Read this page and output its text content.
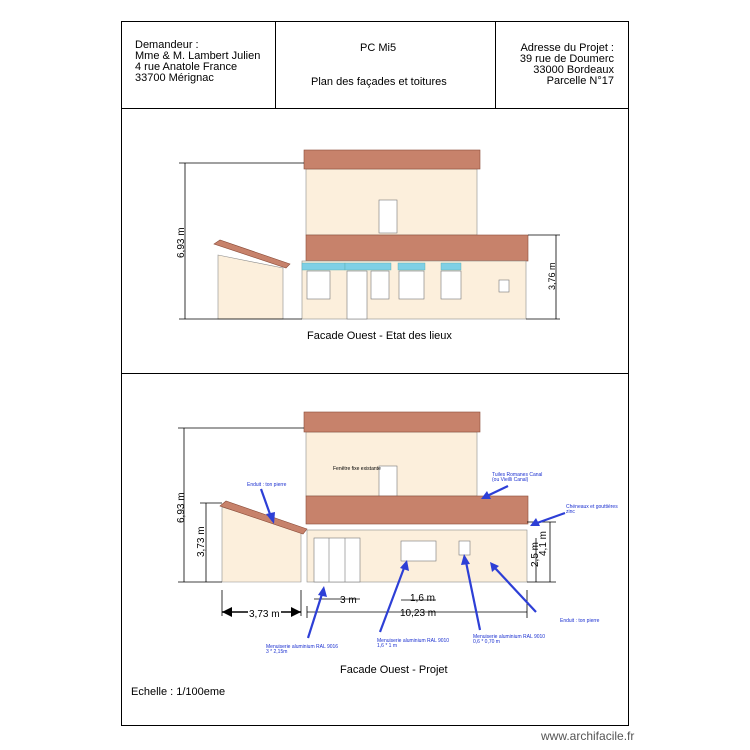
Demandeur :
Mme & M. Lambert Julien
4 rue Anatole France
33700 Mérignac
PC Mi5
Plan des façades et toitures
Adresse du Projet :
39 rue de Doumerc
33000 Bordeaux
Parcelle N°17
6,93 m
3,76 m
Facade Ouest - Etat des lieux
6,93 m
3,73 m	4,1 m
2,5 m
3,73 m
3 m	1,6 m
10,23 m
Fenêtre fixe existante
Tuiles Romanes Canal
(ou Vieilli Canal)
Chéneaux et gouttières
zinc
Enduit : ton pierre
Enduit : ton pierre
Menuiserie aluminium RAL 9016
3 * 2,15m
Menuiserie aluminium RAL 9010
1,6 * 1 m
Menuiserie aluminium RAL 9010
0,6 * 0,70 m
Facade Ouest - Projet
Echelle : 1/100eme
www.archifacile.fr
